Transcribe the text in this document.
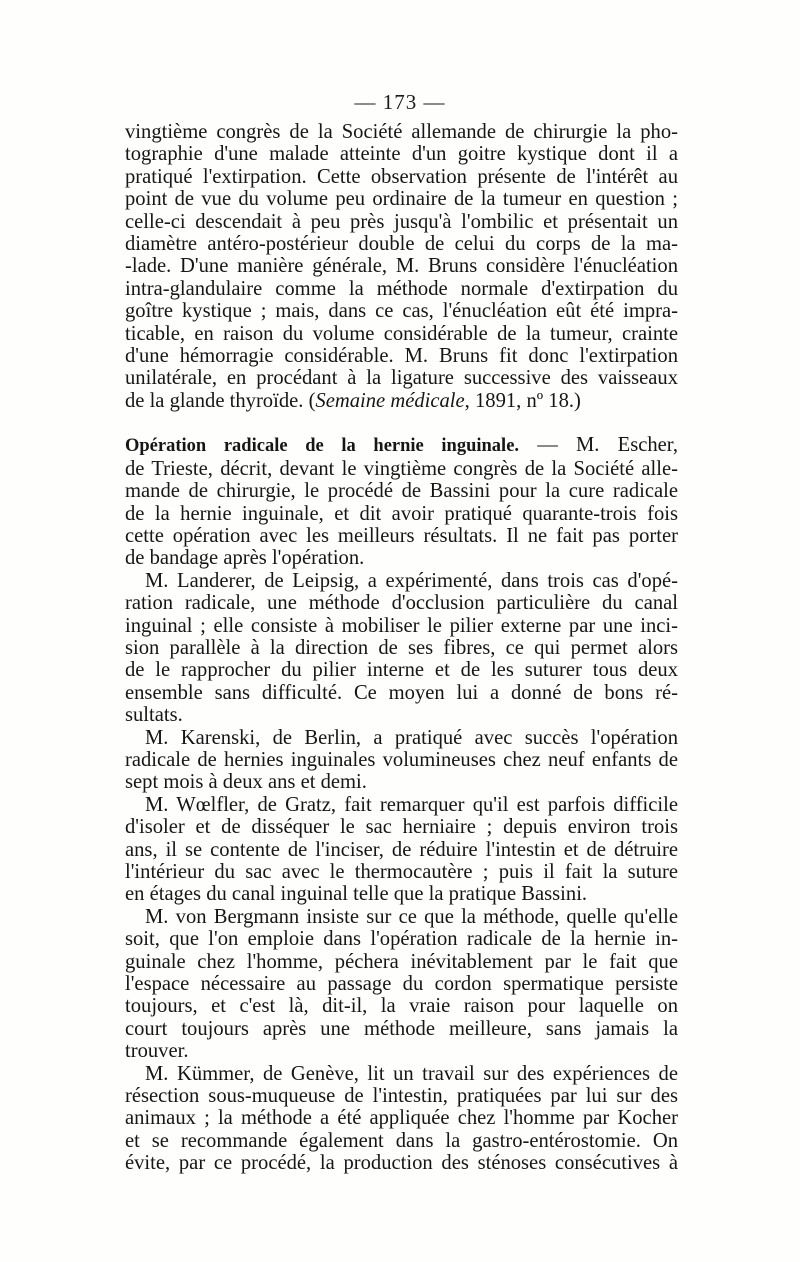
— 173 —
vingtième congrès de la Société allemande de chirurgie la pho-
tographie d'une malade atteinte d'un goitre kystique dont il a
pratiqué l'extirpation. Cette observation présente de l'intérêt au
point de vue du volume peu ordinaire de la tumeur en question ;
celle-ci descendait à peu près jusqu'à l'ombilic et présentait un
diamètre antéro-postérieur double de celui du corps de la ma-
-lade. D'une manière générale, M. Bruns considère l'énucléation
intra-glandulaire comme la méthode normale d'extirpation du
goître kystique ; mais, dans ce cas, l'énucléation eût été impra-
ticable, en raison du volume considérable de la tumeur, crainte
d'une hémorragie considérable. M. Bruns fit donc l'extirpation
unilatérale, en procédant à la ligature successive des vaisseaux
de la glande thyroïde. (Semaine médicale, 1891, nº 18.)
Opération radicale de la hernie inguinale. — M. Escher,
de Trieste, décrit, devant le vingtième congrès de la Société alle-
mande de chirurgie, le procédé de Bassini pour la cure radicale
de la hernie inguinale, et dit avoir pratiqué quarante-trois fois
cette opération avec les meilleurs résultats. Il ne fait pas porter
de bandage après l'opération.
M. Landerer, de Leipsig, a expérimenté, dans trois cas d'opé-
ration radicale, une méthode d'occlusion particulière du canal
inguinal ; elle consiste à mobiliser le pilier externe par une inci-
sion parallèle à la direction de ses fibres, ce qui permet alors
de le rapprocher du pilier interne et de les suturer tous deux
ensemble sans difficulté. Ce moyen lui a donné de bons ré-
sultats.
M. Karenski, de Berlin, a pratiqué avec succès l'opération
radicale de hernies inguinales volumineuses chez neuf enfants de
sept mois à deux ans et demi.
M. Wœlfler, de Gratz, fait remarquer qu'il est parfois difficile
d'isoler et de disséquer le sac herniaire ; depuis environ trois
ans, il se contente de l'inciser, de réduire l'intestin et de détruire
l'intérieur du sac avec le thermocautère ; puis il fait la suture
en étages du canal inguinal telle que la pratique Bassini.
M. von Bergmann insiste sur ce que la méthode, quelle qu'elle
soit, que l'on emploie dans l'opération radicale de la hernie in-
guinale chez l'homme, péchera inévitablement par le fait que
l'espace nécessaire au passage du cordon spermatique persiste
toujours, et c'est là, dit-il, la vraie raison pour laquelle on
court toujours après une méthode meilleure, sans jamais la
trouver.
M. Kümmer, de Genève, lit un travail sur des expériences de
résection sous-muqueuse de l'intestin, pratiquées par lui sur des
animaux ; la méthode a été appliquée chez l'homme par Kocher
et se recommande également dans la gastro-entérostomie. On
évite, par ce procédé, la production des sténoses consécutives à
